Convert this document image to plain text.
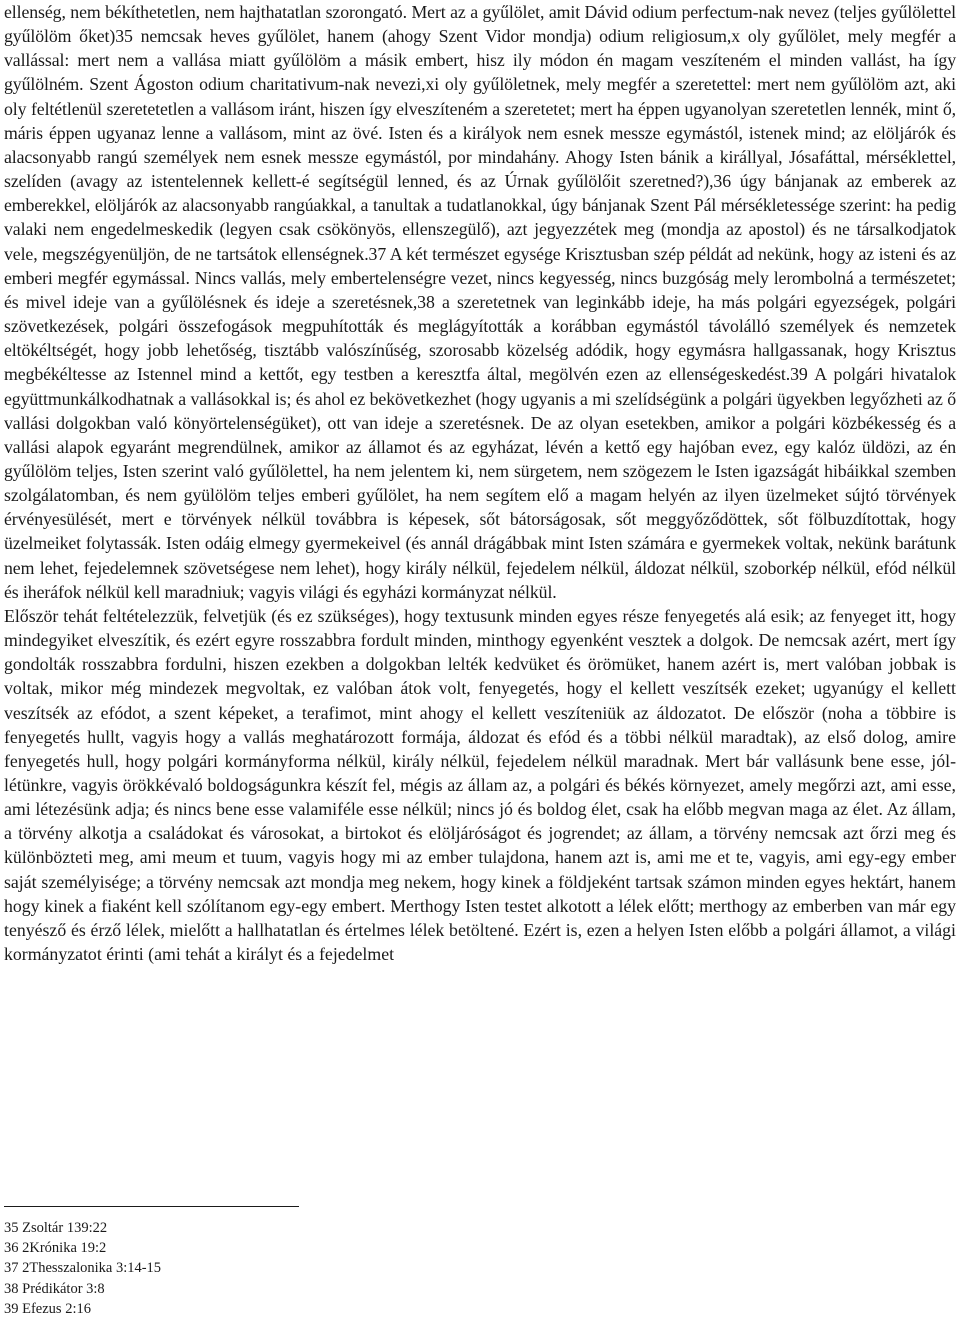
ellenség, nem békíthetetlen, nem hajthatatlan szorongató. Mert az a gyűlölet, amit Dávid odium perfectum-nak nevez (teljes gyűlölettel gyűlölöm őket)35 nemcsak heves gyűlölet, hanem (ahogy Szent Vidor mondja) odium religiosum,x oly gyűlölet, mely megfér a vallással: mert nem a vallása miatt gyűlölöm a másik embert, hisz ily módon én magam veszíteném el minden vallást, ha így gyűlölném. Szent Ágoston odium charitativum-nak nevezi,xi oly gyűlöletnek, mely megfér a szeretettel: mert nem gyűlölöm azt, aki oly feltétlenül szeretetetlen a vallásom iránt, hiszen így elveszíteném a szeretetet; mert ha éppen ugyanolyan szeretetlen lennék, mint ő, máris éppen ugyanaz lenne a vallásom, mint az övé. Isten és a királyok nem esnek messze egymástól, istenek mind; az elöljárók és alacsonyabb rangú személyek nem esnek messze egymástól, por mindahány. Ahogy Isten bánik a királlyal, Jósafáttal, mérséklettel, szelíden (avagy az istentelennek kellett-é segítségül lenned, és az Úrnak gyűlölőit szeretned?),36 úgy bánjanak az emberek az emberekkel, elöljárók az alacsonyabb rangúakkal, a tanultak a tudatlanokkal, úgy bánjanak Szent Pál mérsékletessége szerint: ha pedig valaki nem engedelmeskedik (legyen csak csökönyös, ellenszegülő), azt jegyezzétek meg (mondja az apostol) és ne társalkodjatok vele, megszégyenüljön, de ne tartsátok ellenségnek.37 A két természet egysége Krisztusban szép példát ad nekünk, hogy az isteni és az emberi megfér egymással. Nincs vallás, mely embertelenségre vezet, nincs kegyesség, nincs buzgóság mely lerombolná a természetet; és mivel ideje van a gyűlölésnek és ideje a szeretésnek,38 a szeretetnek van leginkább ideje, ha más polgári egyezségek, polgári szövetkezések, polgári összefogások megpuhították és meglágyították a korábban egymástól távolálló személyek és nemzetek eltökéltségét, hogy jobb lehetőség, tisztább valószínűség, szorosabb közelség adódik, hogy egymásra hallgassanak, hogy Krisztus megbékéltesse az Istennel mind a kettőt, egy testben a keresztfa által, megölvén ezen az ellenségeskedést.39 A polgári hivatalok együttmunkálkodhatnak a vallásokkal is; és ahol ez bekövetkezhet (hogy ugyanis a mi szelídségünk a polgári ügyekben legyőzheti az ő vallási dolgokban való könyörtelenségüket), ott van ideje a szeretésnek. De az olyan esetekben, amikor a polgári közbékesség és a vallási alapok egyaránt megrendülnek, amikor az államot és az egyházat, lévén a kettő egy hajóban evez, egy kalóz üldözi, az én gyűlölöm teljes, Isten szerint való gyűlölettel, ha nem jelentem ki, nem sürgetem, nem szögezem le Isten igazságát hibáikkal szemben szolgálatomban, és nem gyülölöm teljes emberi gyűlölet, ha nem segítem elő a magam helyén az ilyen üzelmeket sújtó törvények érvényesülését, mert e törvények nélkül továbbra is képesek, sőt bátorságosak, sőt meggyőződöttek, sőt fölbuzdítottak, hogy üzelmeiket folytassák. Isten odáig elmegy gyermekeivel (és annál drágábbak mint Isten számára e gyermekek voltak, nekünk barátunk nem lehet, fejedelemnek szövetségese nem lehet), hogy király nélkül, fejedelem nélkül, áldozat nélkül, szoborkép nélkül, efód nélkül és iheráfok nélkül kell maradniuk; vagyis világi és egyházi kormányzat nélkül.

Először tehát feltételezzük, felvetjük (és ez szükséges), hogy textusunk minden egyes része fenyegetés alá esik; az fenyeget itt, hogy mindegyiket elveszítik, és ezért egyre rosszabbra fordult minden, minthogy egyenként vesztek a dolgok. De nemcsak azért, mert így gondolták rosszabbra fordulni, hiszen ezekben a dolgokban lelték kedvüket és örömüket, hanem azért is, mert valóban jobbak is voltak, mikor még mindezek megvoltak, ez valóban átok volt, fenyegetés, hogy el kellett veszítsék ezeket; ugyanúgy el kellett veszítsék az efódot, a szent képeket, a terafimot, mint ahogy el kellett veszíteniük az áldozatot. De először (noha a többire is fenyegetés hullt, vagyis hogy a vallás meghatározott formája, áldozat és efód és a többi nélkül maradtak), az első dolog, amire fenyegetés hull, hogy polgári kormányforma nélkül, király nélkül, fejedelem nélkül maradnak. Mert bár vallásunk bene esse, jól-létünkre, vagyis örökkévaló boldogságunkra készít fel, mégis az állam az, a polgári és békés környezet, amely megőrzi azt, ami esse, ami létezésünk adja; és nincs bene esse valamiféle esse nélkül; nincs jó és boldog élet, csak ha előbb megvan maga az élet. Az állam, a törvény alkotja a családokat és városokat, a birtokot és elöljáróságot és jogrendet; az állam, a törvény nemcsak azt őrzi meg és különbözteti meg, ami meum et tuum, vagyis hogy mi az ember tulajdona, hanem azt is, ami me et te, vagyis, ami egy-egy ember saját személyisége; a törvény nemcsak azt mondja meg nekem, hogy kinek a földjeként tartsak számon minden egyes hektárt, hanem hogy kinek a fiaként kell szólítanom egy-egy embert. Merthogy Isten testet alkotott a lélek előtt; merthogy az emberben van már egy tenyésző és érző lélek, mielőtt a hallhatatlan és értelmes lélek betöltené. Ezért is, ezen a helyen Isten előbb a polgári államot, a világi kormányzatot érinti (ami tehát a királyt és a fejedelmet

35 Zsoltár 139:22
36 2Krónika 19:2
37 2Thesszalonika 3:14-15
38 Prédikátor 3:8
39 Efezus 2:16
